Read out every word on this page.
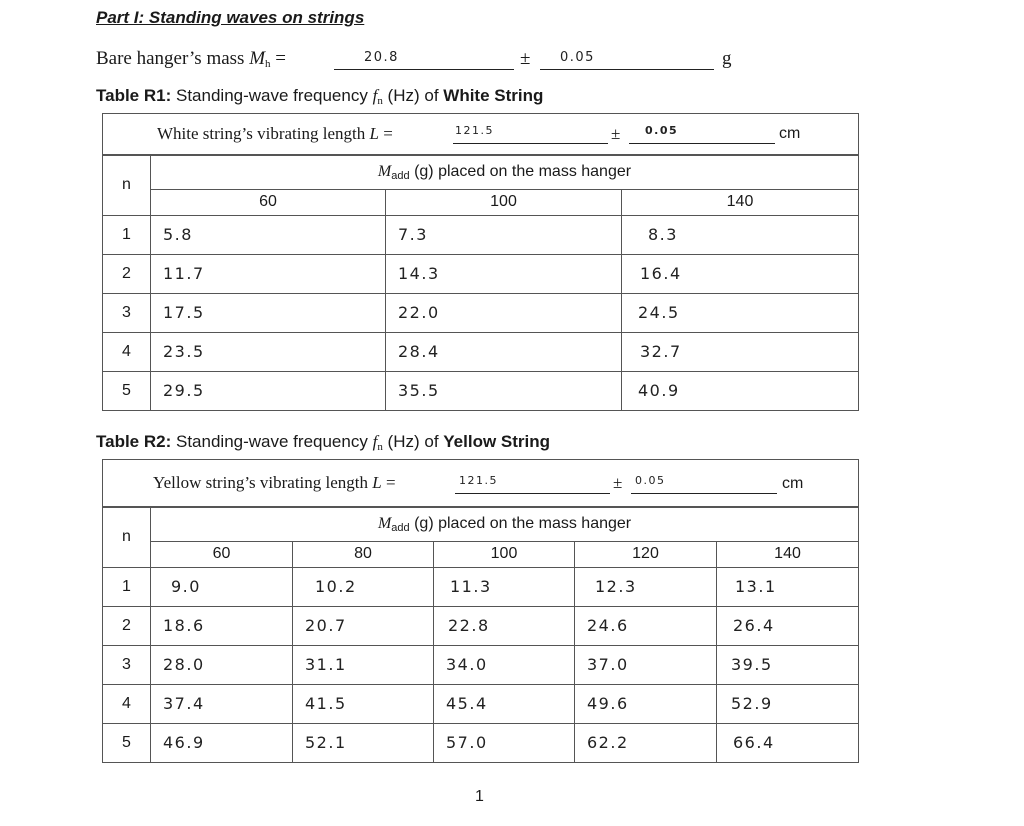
Part I: Standing waves on strings
Bare hanger’s mass Mh =	20.8	± 0.05	g
Table R1: Standing-wave frequency fn (Hz) of White String
White string’s vibrating length L = 121.5 ± 0.05 cm			

n	Madd (g) placed on the mass hanger		
	60	100	140
1	5.8	7.3	8.3
2	11.7	14.3	16.4
3	17.5	22.0	24.5
4	23.5	28.4	32.7
5	29.5	35.5	40.9
Table R2: Standing-wave frequency fn (Hz) of Yellow String
Yellow string’s vibrating length L = 121.5 ± 0.05 cm					

n	Madd (g) placed on the mass hanger				
	60	80	100	120	140
1	9.0	10.2	11.3	12.3	13.1
2	18.6	20.7	22.8	24.6	26.4
3	28.0	31.1	34.0	37.0	39.5
4	37.4	41.5	45.4	49.6	52.9
5	46.9	52.1	57.0	62.2	66.4
1
